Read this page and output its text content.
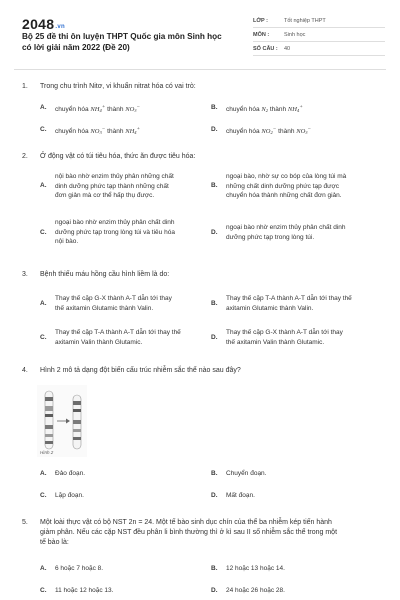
2048.vn
Bộ 25 đề thi ôn luyện THPT Quốc gia môn Sinh học có lời giải năm 2022 (Đề 20)
LỚP :	Tốt nghiệp THPT
MÔN :	Sinh học
SỐ CÂU :	40
1. Trong chu trình Nitơ, vi khuẩn nitrat hóa có vai trò:
A. chuyển hóa $NH_4^+$ thành $NO_3^-$	B. chuyển hóa $N_2$ thành $NH_4^+$
C. chuyển hóa $NO_3^-$ thành $NH_4^+$	D. chuyển hóa $NO_2^-$ thành $NO_3^-$
2. Ở động vật có túi tiêu hóa, thức ăn được tiêu hóa:
A.
nội bào nhờ enzim thủy phân những chất
dinh dưỡng phức tạp thành những chất
đơn giản mà cơ thể hấp thụ được.
B.
ngoại bào, nhờ sự co bóp của lòng túi mà
những chất dinh dưỡng phức tạp được
chuyển hóa thành những chất đơn giản.
C.
ngoại bào nhờ enzim thủy phân chất dinh
dưỡng phức tạp trong lòng túi và tiêu hóa
nội bào.
D.
ngoại bào nhờ enzim thủy phân chất dinh
dưỡng phức tạp trong lòng túi.
3. Bệnh thiếu máu hồng cầu hình liềm là do:
A.
Thay thế cặp G-X thành A-T dẫn tới thay
thế axitamin Glutamic thành Valin.
B.
Thay thế cặp T-A thành A-T dẫn tới thay thế
axitamin Glutamic thành Valin.
C.
Thay thế cặp T-A thành A-T dẫn tới thay thế
axitamin Valin thành Glutamic.
D.
Thay thế cặp G-X thành A-T dẫn tới thay
thế axitamin Valin thành Glutamic.
4. Hình 2 mô tả dạng đột biến cấu trúc nhiễm sắc thể nào sau đây?
A. Đảo đoạn.	B. Chuyển đoạn.
C. Lặp đoạn.	D. Mất đoạn.
Hình 2
5. Một loài thực vật có bộ NST 2n = 24. Một tế bào sinh dục chín của thể ba nhiễm kép tiến hành
giảm phân. Nếu các cặp NST đều phân li bình thường thì ở kì sau II số nhiễm sắc thể trong một
tế bào là:
A. 6 hoặc 7 hoặc 8.	B. 12 hoặc 13 hoặc 14.
C. 11 hoặc 12 hoặc 13.	D. 24 hoặc 26 hoặc 28.
